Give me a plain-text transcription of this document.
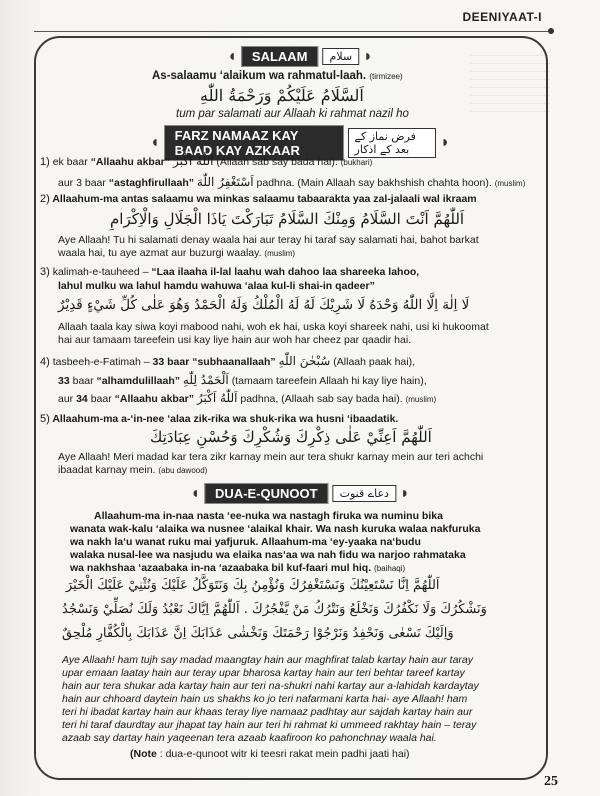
DEENIYAAT-I
◖	SALAAM	سلام ◗
As-salaamu ‘alaikum wa rahmatul-laah. (tirmizee)
اَلسَّلَامُ عَلَيْكُمْ وَرَحْمَةُ اللّٰهِ
tum par salamati aur Allaah ki rahmat nazil ho
◖	FARZ NAMAAZ KAY BAAD KAY AZKAAR
فرض نماز کے بعد کے اذکار	◗
1) ek baar “Allaahu akbar” اَللّٰهُ اَكْبَرُ (Allaah sab say bada hai). (bukhari)
aur 3 baar “astaghfirullaah” اَسْتَغْفِرُ اللّٰهَ padhna. (Main Allaah say bakhshish chahta hoon). (muslim)
2) Allaahum-ma antas salaamu wa minkas salaamu tabaarakta yaa zal-jalaali wal ikraam
اَللّٰهُمَّ اَنْتَ السَّلَامُ وَمِنْكَ السَّلَامُ تَبَارَكْتَ يَاذَا الْجَلَالِ وَالْاِكْرَامِ
Aye Allaah! Tu hi salamati denay waala hai aur teray hi taraf say salamati hai, bahot barkat
waala hai, tu aye azmat aur buzurgi waalay. (muslim)
3) kalimah-e-tauheed – “Laa ilaaha il-lal laahu wah dahoo laa shareeka lahoo,
lahul mulku wa lahul hamdu wahuwa ‘alaa kul-li shai-in qadeer”
لَا اِلٰهَ اِلَّا اللّٰهُ وَحْدَهُ لَا شَرِيْكَ لَهُ لَهُ الْمُلْكُ وَلَهُ الْحَمْدُ وَهُوَ عَلٰى كُلِّ شَيْءٍ قَدِيْرٌ
Allaah taala kay siwa koyi mabood nahi, woh ek hai, uska koyi shareek nahi, usi ki hukoomat
hai aur tamaam tareefein usi kay liye hain aur woh har cheez par qaadir hai.
4) tasbeeh-e-Fatimah – 33 baar “subhaanallaah” سُبْحٰنَ اللّٰهِ (Allaah paak hai),
33 baar “alhamdulillaah” اَلْحَمْدُ لِلّٰهِ (tamaam tareefein Allaah hi kay liye hain),
aur 34 baar “Allaahu akbar” اَللّٰهُ اَكْبَرُ padhna, (Allaah sab say bada hai). (muslim)
5) Allaahum-ma a-‘in-nee ‘alaa zik-rika wa shuk-rika wa husni ‘ibaadatik.
اَللّٰهُمَّ اَعِنِّيْ عَلٰى ذِكْرِكَ وَشُكْرِكَ وَحُسْنِ عِبَادَتِكَ
Aye Allaah! Meri madad kar tera zikr karnay mein aur tera shukr karnay mein aur teri achchi
ibaadat karnay mein. (abu dawood)
◖	DUA-E-QUNOOT	دعاے قنوت ◗
Allaahum-ma in-naa nasta ‘ee-nuka wa nastagh firuka wa numinu bika
wanata wak-kalu ‘alaika wa nusnee ‘alaikal khair. Wa nash kuruka walaa nakfuruka
wa nakh la‘u wanat ruku mai yafjuruk. Allaahum-ma ‘ey-yaaka na‘budu
walaka nusal-lee wa nasjudu wa elaika nas‘aa wa nah fidu wa narjoo rahmataka
wa nakhshaa ‘azaabaka in-na ‘azaabaka bil kuf-faari mul hiq. (baihaqi)
اَللّٰهُمَّ اِنَّا نَسْتَعِيْنُكَ وَنَسْتَغْفِرُكَ وَنُؤْمِنُ بِكَ وَنَتَوَكَّلُ عَلَيْكَ وَنُثْنِيْ عَلَيْكَ الْخَيْرَ
وَنَشْكُرُكَ وَلَا نَكْفُرُكَ وَنَخْلَعُ وَنَتْرُكُ مَنْ يَّفْجُرُكَ . اَللّٰهُمَّ اِيَّاكَ نَعْبُدُ وَلَكَ نُصَلِّيْ وَنَسْجُدُ
وَاِلَيْكَ نَسْعٰى وَنَحْفِدُ وَنَرْجُوْا رَحْمَتَكَ وَنَخْشٰى عَذَابَكَ اِنَّ عَذَابَكَ بِالْكُفَّارِ مُلْحِقٌ
Aye Allaah! ham tujh say madad maangtay hain aur maghfirat talab kartay hain aur taray
upar emaan laatay hain aur teray upar bharosa kartay hain aur teri behtar tareef kartay
hain aur tera shukar ada kartay hain aur teri na-shukri nahi kartay aur a-lahidah kardaytay
hain aur chhoard daytein hain us shakhs ko jo teri nafarmani karta hai- aye Allaah! ham
teri hi ibadat kartay hain aur khaas teray liye namaaz padhtay aur sajdah kartay hain aur
teri hi taraf daurdtay aur jhapat tay hain aur teri hi rahmat ki ummeed rakhtay hain – teray
azaab say dartay hain yaqeenan tera azaab kaafiroon ko pahonchnay waala hai.
(Note : dua-e-qunoot witr ki teesri rakat mein padhi jaati hai)
25
